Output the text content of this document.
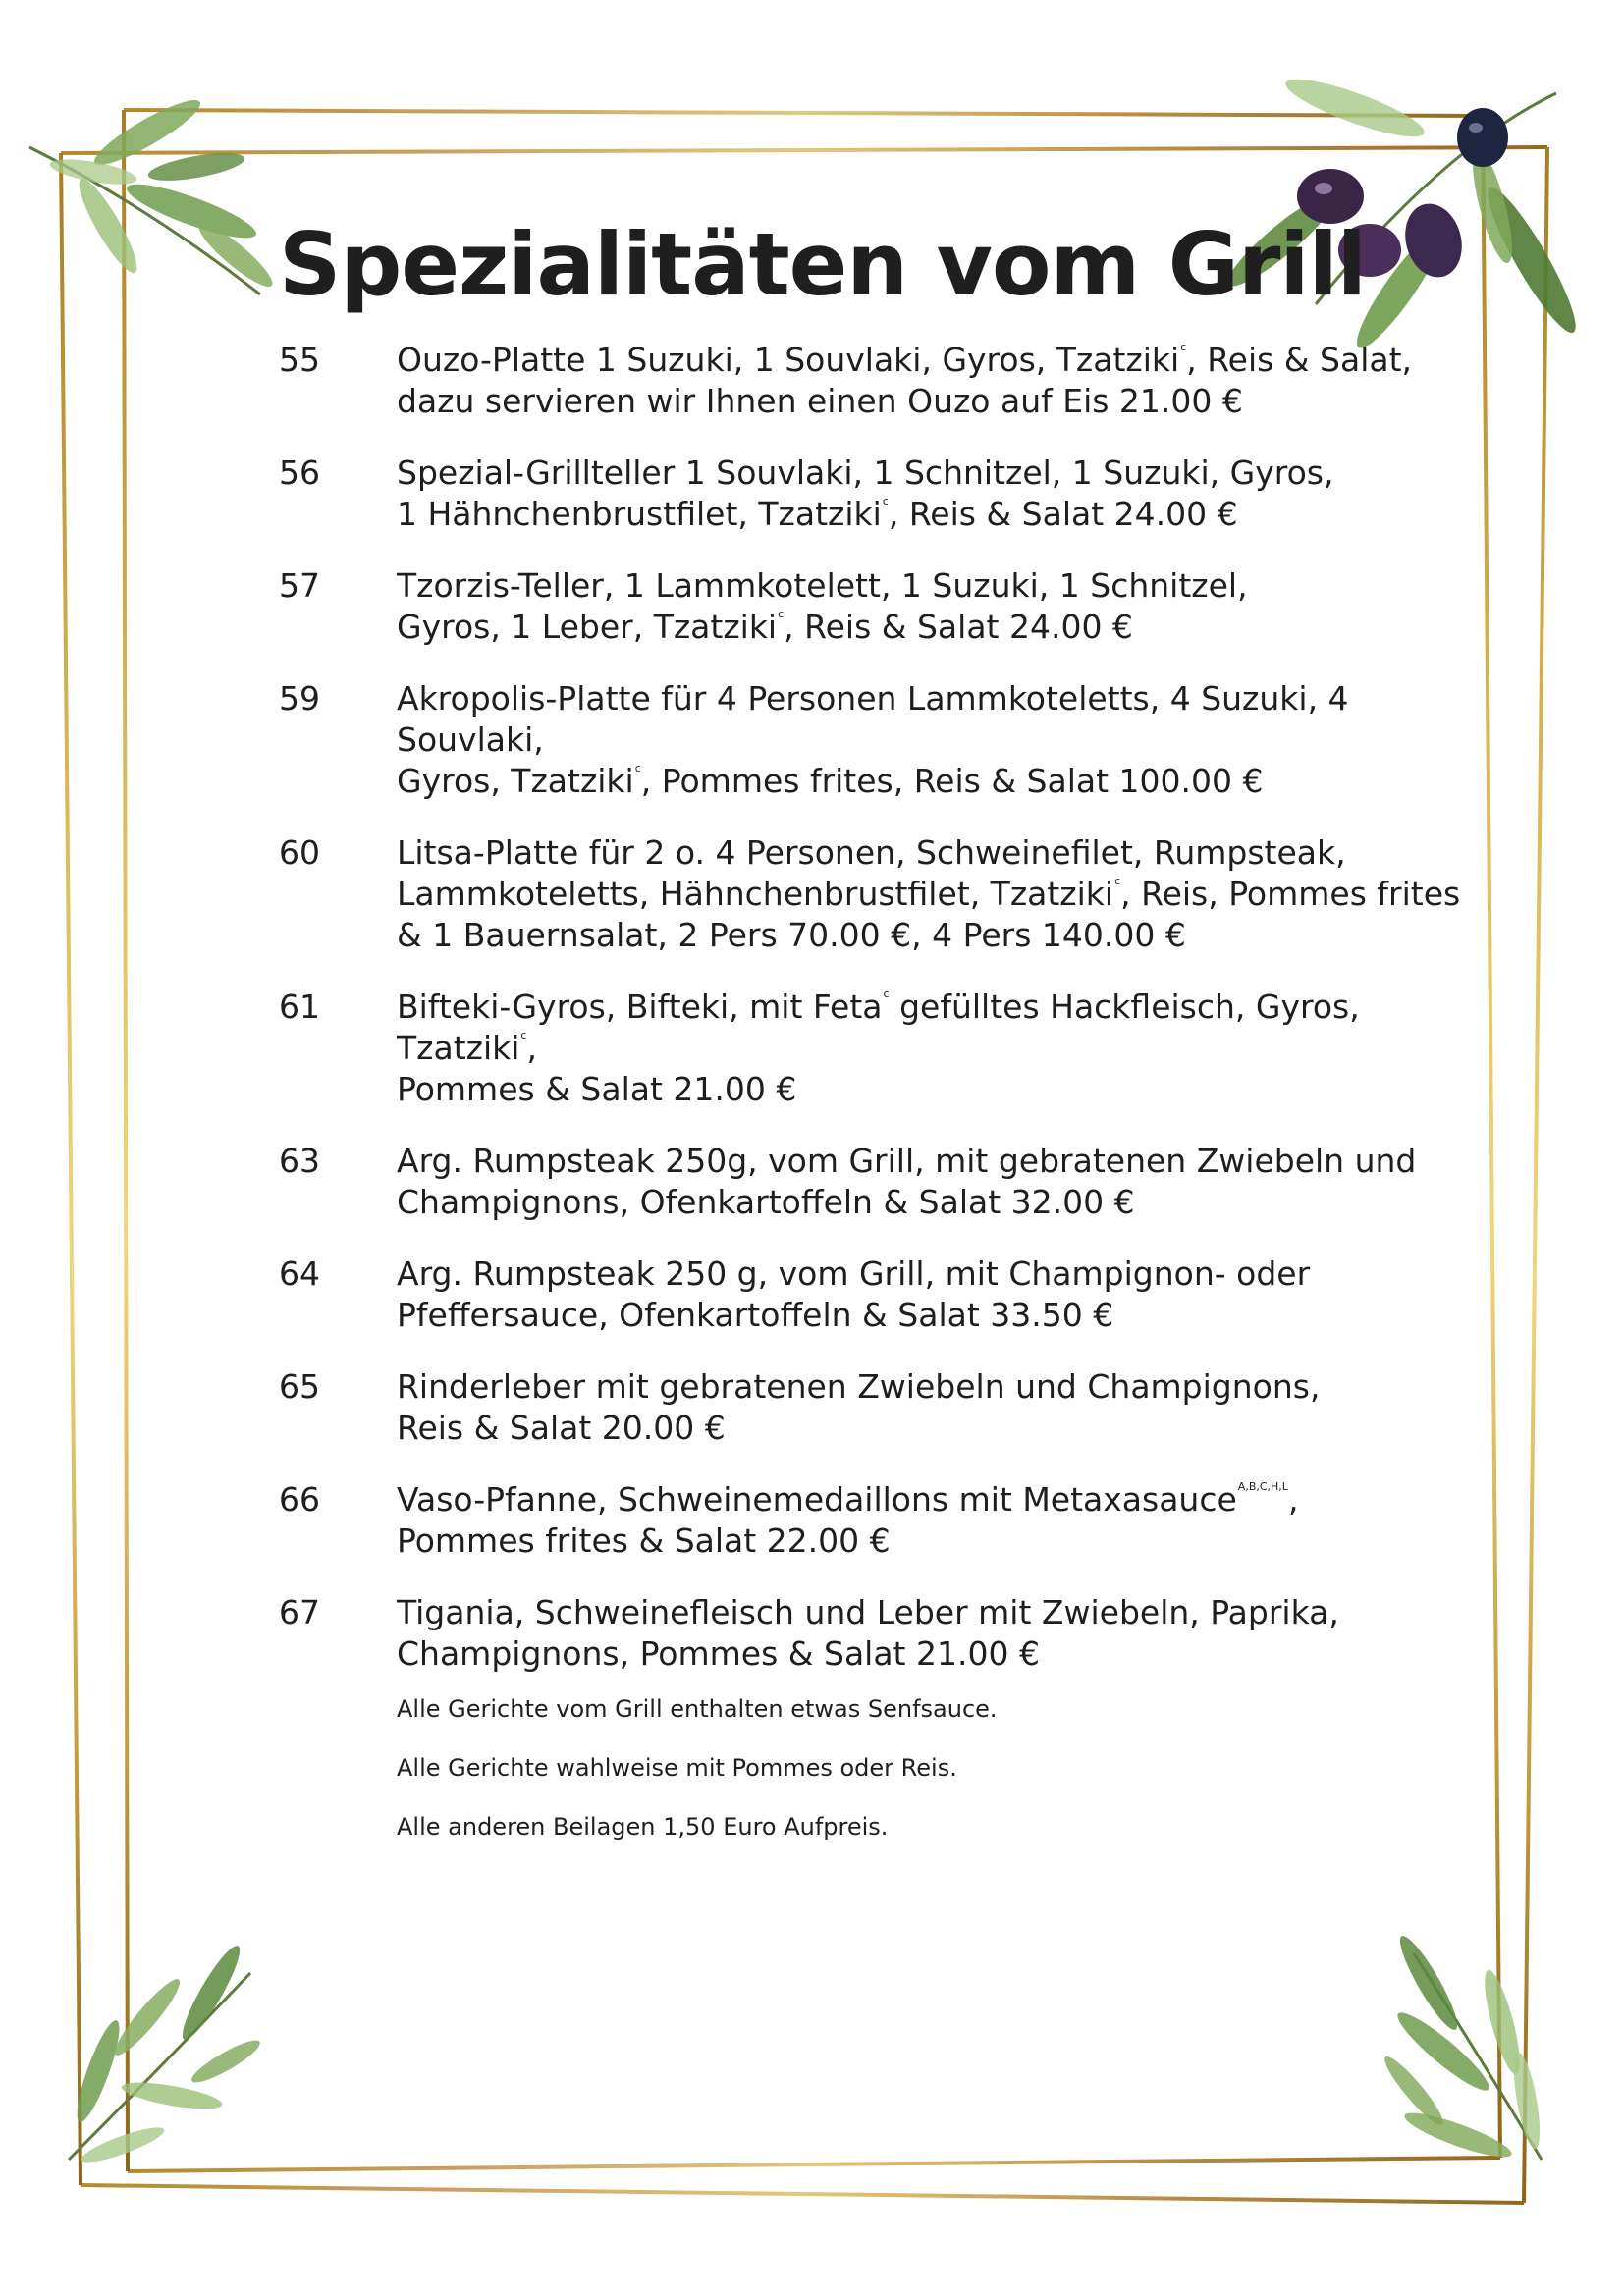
Spezialitäten vom Grill
55	Ouzo-Platte 1 Suzuki, 1 Souvlaki, Gyros, Tzatziki$^c$, Reis & Salat,
dazu servieren wir Ihnen einen Ouzo auf Eis 21.00 €
56	Spezial-Grillteller 1 Souvlaki, 1 Schnitzel, 1 Suzuki, Gyros,
1 Hähnchenbrustfilet, Tzatziki$^c$, Reis & Salat 24.00 €
57	Tzorzis-Teller, 1 Lammkotelett, 1 Suzuki, 1 Schnitzel,
Gyros, 1 Leber, Tzatziki$^c$, Reis & Salat 24.00 €
59	Akropolis-Platte für 4 Personen Lammkoteletts, 4 Suzuki, 4 Souvlaki,
Gyros, Tzatziki$^c$, Pommes frites, Reis & Salat 100.00 €
60	Litsa-Platte für 2 o. 4 Personen, Schweinefilet, Rumpsteak,
Lammkoteletts, Hähnchenbrustfilet, Tzatziki$^c$, Reis, Pommes frites
& 1 Bauernsalat, 2 Pers 70.00 €, 4 Pers 140.00 €
61	Bifteki-Gyros, Bifteki, mit Feta$^c$ gefülltes Hackfleisch, Gyros, Tzatziki$^c$,
Pommes & Salat 21.00 €
63	Arg. Rumpsteak 250g, vom Grill, mit gebratenen Zwiebeln und
Champignons, Ofenkartoffeln & Salat 32.00 €
64	Arg. Rumpsteak 250 g, vom Grill, mit Champignon- oder
Pfeffersauce, Ofenkartoffeln & Salat 33.50 €
65	Rinderleber mit gebratenen Zwiebeln und Champignons,
Reis & Salat 20.00 €
66	Vaso-Pfanne, Schweinemedaillons mit Metaxasauce$^{A,B,C,H,L}$,
Pommes frites & Salat 22.00 €
67	Tigania, Schweinefleisch und Leber mit Zwiebeln, Paprika,
Champignons, Pommes & Salat 21.00 €

Alle Gerichte vom Grill enthalten etwas Senfsauce.

Alle Gerichte wahlweise mit Pommes oder Reis.

Alle anderen Beilagen 1,50 Euro Aufpreis.
